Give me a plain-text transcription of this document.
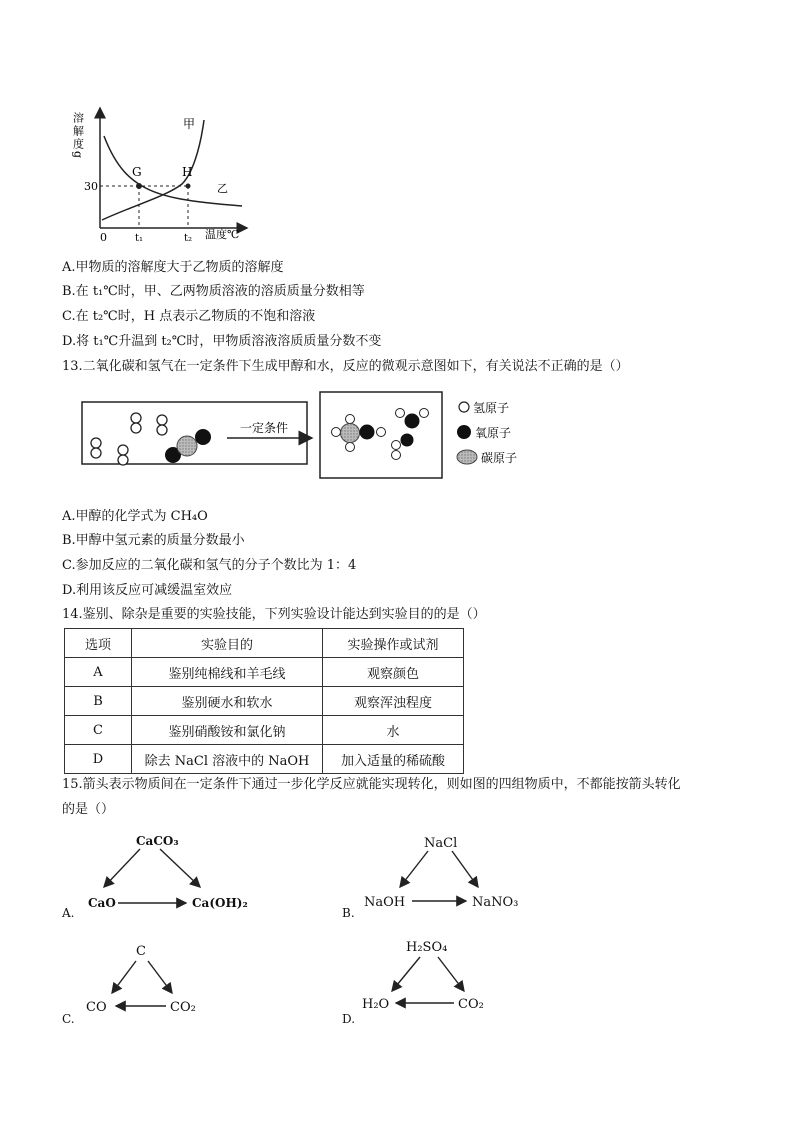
溶解度g
30
0	t₁	t₂ 温度℃
G	H
甲
乙
A.甲物质的溶解度大于乙物质的溶解度
B.在 t₁℃时，甲、乙两物质溶液的溶质质量分数相等
C.在 t₂℃时，H 点表示乙物质的不饱和溶液
D.将 t₁℃升温到 t₂℃时，甲物质溶液溶质质量分数不变
13.二氧化碳和氢气在一定条件下生成甲醇和水，反应的微观示意图如下，有关说法不正确的是（）
一定条件
氢原子
氧原子
碳原子
A.甲醇的化学式为 CH₄O
B.甲醇中氢元素的质量分数最小
C.参加反应的二氧化碳和氢气的分子个数比为 1：4
D.利用该反应可减缓温室效应
14.鉴别、除杂是重要的实验技能，下列实验设计能达到实验目的的是（）
选项	实验目的	实验操作或试剂
A	鉴别纯棉线和羊毛线	观察颜色
B	鉴别硬水和软水	观察浑浊程度
C	鉴别硝酸铵和氯化钠	水
D	除去 NaCl 溶液中的 NaOH	加入适量的稀硫酸
15.箭头表示物质间在一定条件下通过一步化学反应就能实现转化，则如图的四组物质中，不都能按箭头转化
的是（）
A.
CaCO₃
CaO	Ca(OH)₂
B.
NaCl
NaOH	NaNO₃
C.
C
CO	CO₂
D.
H₂SO₄
H₂O	CO₂
